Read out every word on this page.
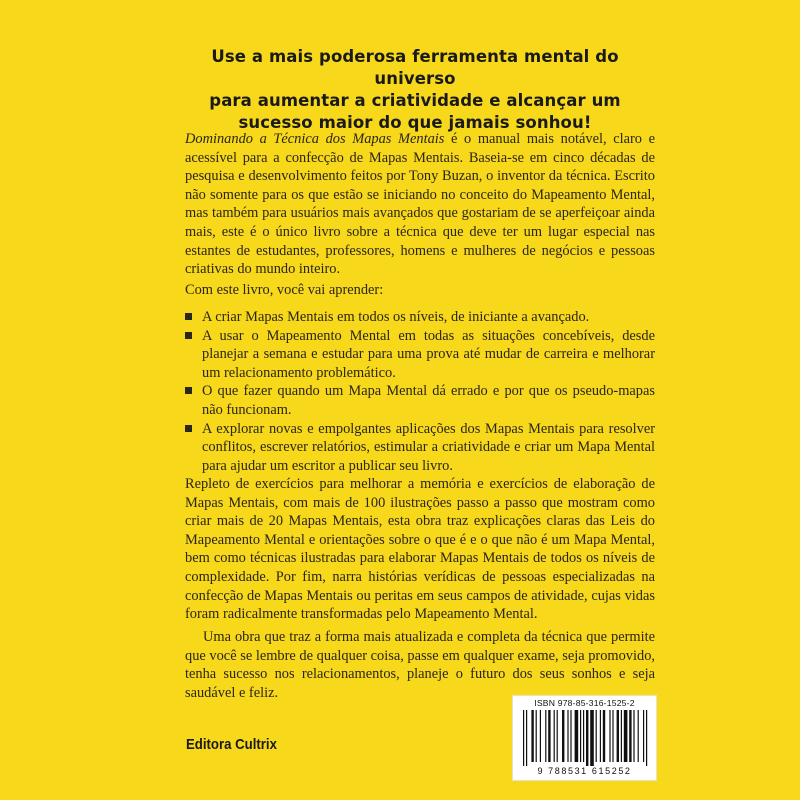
Use a mais poderosa ferramenta mental do universo
para aumentar a criatividade e alcançar um
sucesso maior do que jamais sonhou!

Dominando a Técnica dos Mapas Mentais é o manual mais notável, claro e acessível para a confecção de Mapas Mentais. Baseia-se em cinco décadas de pesquisa e desenvolvimento feitos por Tony Buzan, o inventor da técnica. Escrito não somente para os que estão se iniciando no conceito do Mapeamento Mental, mas também para usuários mais avançados que gostariam de se aperfeiçoar ainda mais, este é o único livro sobre a técnica que deve ter um lugar especial nas estantes de estudantes, professores, homens e mulheres de negócios e pessoas criativas do mundo inteiro.

Com este livro, você vai aprender:

A criar Mapas Mentais em todos os níveis, de iniciante a avançado.
A usar o Mapeamento Mental em todas as situações concebíveis, desde planejar a semana e estudar para uma prova até mudar de carreira e melhorar um relacionamento problemático.
O que fazer quando um Mapa Mental dá errado e por que os pseudo-mapas não funcionam.
A explorar novas e empolgantes aplicações dos Mapas Mentais para resolver conflitos, escrever relatórios, estimular a criatividade e criar um Mapa Mental para ajudar um escritor a publicar seu livro.

Repleto de exercícios para melhorar a memória e exercícios de elaboração de Mapas Mentais, com mais de 100 ilustrações passo a passo que mostram como criar mais de 20 Mapas Mentais, esta obra traz explicações claras das Leis do Mapeamento Mental e orientações sobre o que é e o que não é um Mapa Mental, bem como técnicas ilustradas para elaborar Mapas Mentais de todos os níveis de complexidade. Por fim, narra histórias verídicas de pessoas especializadas na confecção de Mapas Mentais ou peritas em seus campos de atividade, cujas vidas foram radicalmente transformadas pelo Mapeamento Mental.

Uma obra que traz a forma mais atualizada e completa da técnica que permite que você se lembre de qualquer coisa, passe em qualquer exame, seja promovido, tenha sucesso nos relacionamentos, planeje o futuro dos seus sonhos e seja saudável e feliz.

Editora Cultrix
ISBN 978-85-316-1525-2
9 788531 615252
